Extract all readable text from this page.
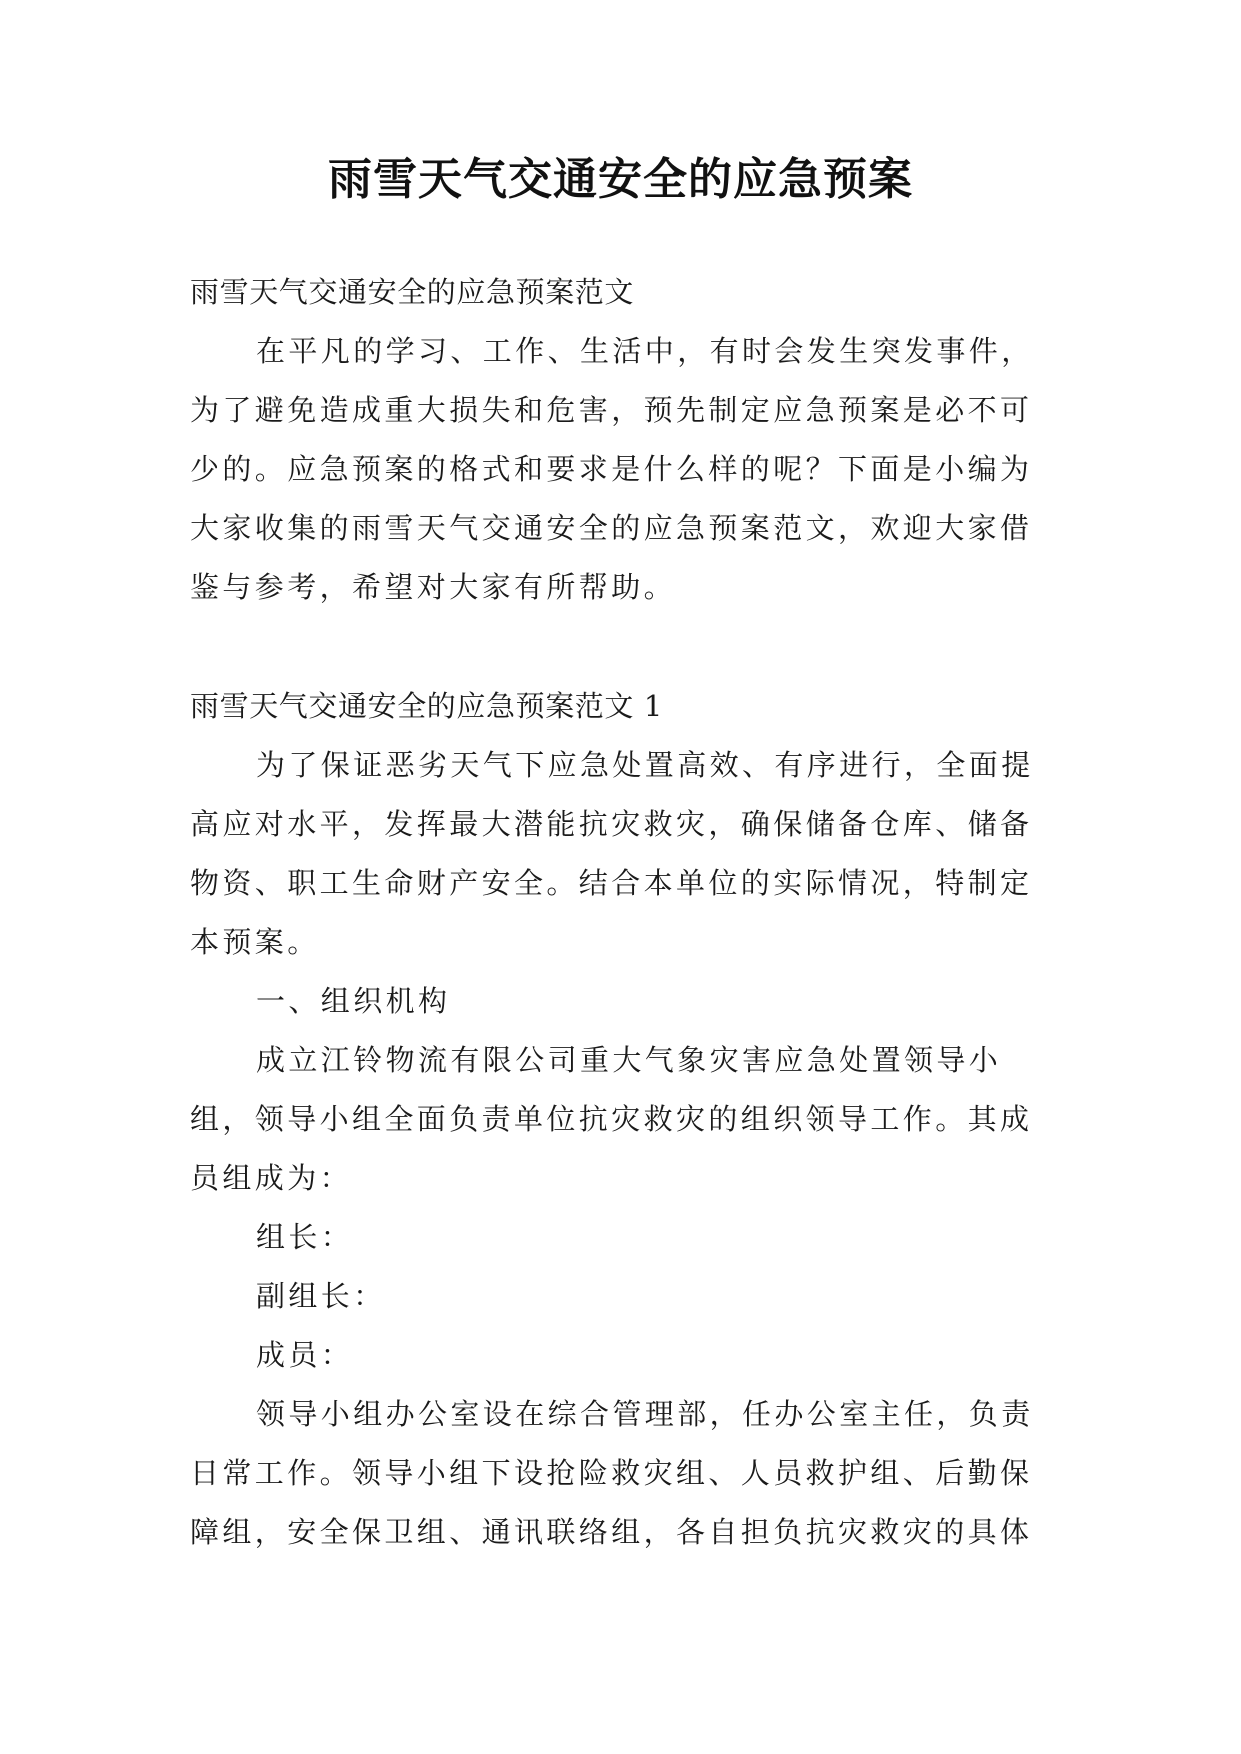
雨雪天气交通安全的应急预案

雨雪天气交通安全的应急预案范文

在平凡的学习、工作、生活中，有时会发生突发事件，

为了避免造成重大损失和危害，预先制定应急预案是必不可

少的。应急预案的格式和要求是什么样的呢？下面是小编为

大家收集的雨雪天气交通安全的应急预案范文，欢迎大家借

鉴与参考，希望对大家有所帮助。

雨雪天气交通安全的应急预案范文 1

为了保证恶劣天气下应急处置高效、有序进行，全面提

高应对水平，发挥最大潜能抗灾救灾，确保储备仓库、储备

物资、职工生命财产安全。结合本单位的实际情况，特制定

本预案。

一、组织机构

成立江铃物流有限公司重大气象灾害应急处置领导小

组，领导小组全面负责单位抗灾救灾的组织领导工作。其成

员组成为：

组长：

副组长：

成员：

领导小组办公室设在综合管理部，任办公室主任，负责

日常工作。领导小组下设抢险救灾组、人员救护组、后勤保

障组，安全保卫组、通讯联络组，各自担负抗灾救灾的具体
